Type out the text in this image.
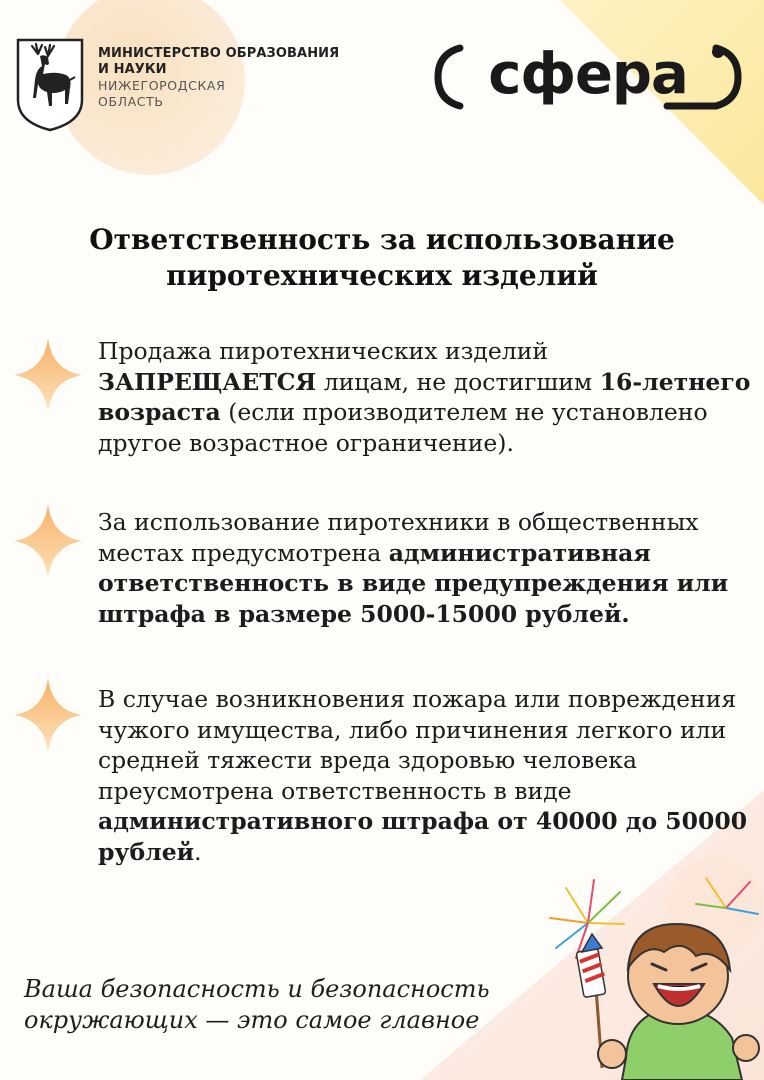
МИНИСТЕРСТВО ОБРАЗОВАНИЯ
И НАУКИ
НИЖЕГОРОДСКАЯ
ОБЛАСТЬ	сфера
Ответственность за использование
пиротехнических изделий

Продажа пиротехнических изделий ЗАПРЕЩАЕТСЯ лицам, не достигшим 16-летнего возраста (если производителем не установлено другое возрастное ограничение).

За использование пиротехники в общественных местах предусмотрена административная ответственность в виде предупреждения или штрафа в размере 5000-15000 рублей.

В случае возникновения пожара или повреждения чужого имущества, либо причинения легкого или средней тяжести вреда здоровью человека преусмотрена ответственность в виде административного штрафа от 40000 до 50000 рублей.

Ваша безопасность и безопасность
окружающих — это самое главное
